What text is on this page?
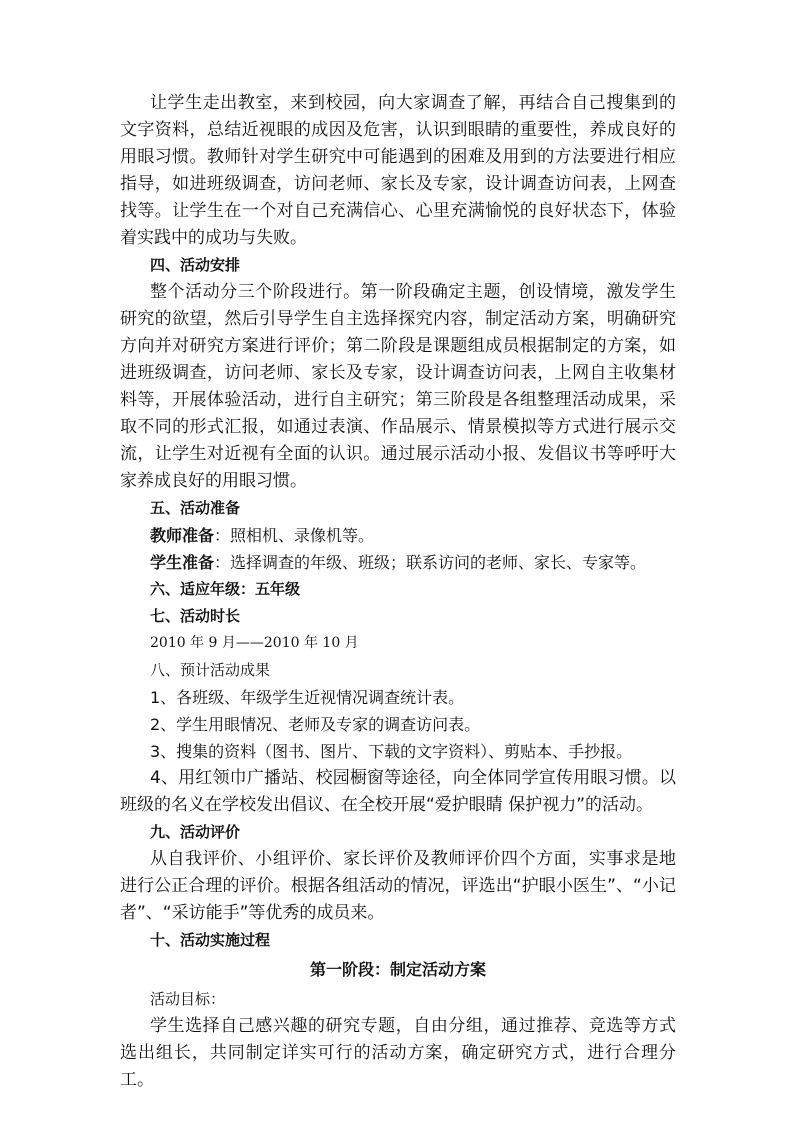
让学生走出教室，来到校园，向大家调查了解，再结合自己搜集到的文字资料，总结近视眼的成因及危害，认识到眼睛的重要性，养成良好的用眼习惯。教师针对学生研究中可能遇到的困难及用到的方法要进行相应指导，如进班级调查，访问老师、家长及专家，设计调查访问表，上网查找等。让学生在一个对自己充满信心、心里充满愉悦的良好状态下，体验着实践中的成功与失败。

四、活动安排

整个活动分三个阶段进行。第一阶段确定主题，创设情境，激发学生研究的欲望，然后引导学生自主选择探究内容，制定活动方案，明确研究方向并对研究方案进行评价；第二阶段是课题组成员根据制定的方案，如进班级调查，访问老师、家长及专家，设计调查访问表，上网自主收集材料等，开展体验活动，进行自主研究；第三阶段是各组整理活动成果，采取不同的形式汇报，如通过表演、作品展示、情景模拟等方式进行展示交流，让学生对近视有全面的认识。通过展示活动小报、发倡议书等呼吁大家养成良好的用眼习惯。

五、活动准备

教师准备：照相机、录像机等。

学生准备：选择调查的年级、班级；联系访问的老师、家长、专家等。

六、适应年级：五年级

七、活动时长

2010 年 9 月——2010 年 10 月

八、预计活动成果

1、各班级、年级学生近视情况调查统计表。

2、学生用眼情况、老师及专家的调查访问表。

3、搜集的资料（图书、图片、下载的文字资料）、剪贴本、手抄报。

4、用红领巾广播站、校园橱窗等途径，向全体同学宣传用眼习惯。以班级的名义在学校发出倡议、在全校开展“爱护眼睛 保护视力”的活动。

九、活动评价

从自我评价、小组评价、家长评价及教师评价四个方面，实事求是地进行公正合理的评价。根据各组活动的情况，评选出“护眼小医生”、“小记者”、“采访能手”等优秀的成员来。

十、活动实施过程

第一阶段：制定活动方案

活动目标：

学生选择自己感兴趣的研究专题，自由分组，通过推荐、竞选等方式选出组长，共同制定详实可行的活动方案，确定研究方式，进行合理分工。
